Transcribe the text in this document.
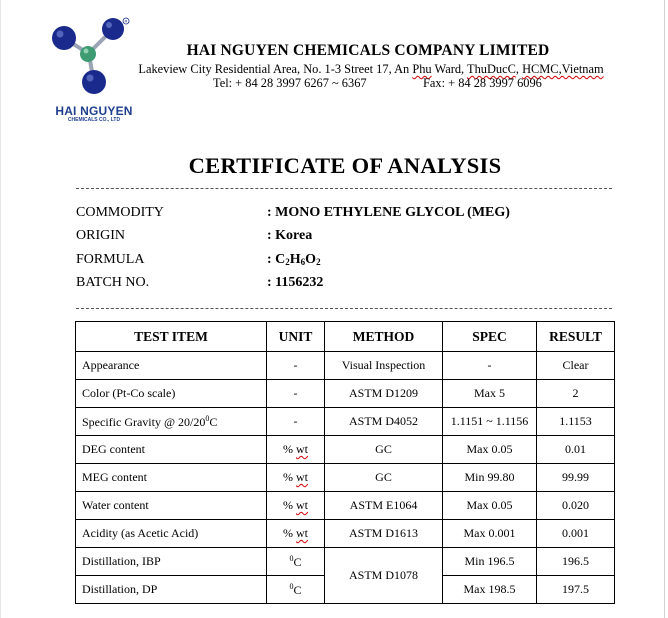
R
HAI NGUYEN
CHEMICALS CO., LTD
HAI NGUYEN CHEMICALS COMPANY LIMITED
Lakeview City Residential Area, No. 1-3 Street 17, An Phu Ward, ThuDucC, HCMC,Vietnam
Tel: + 84 28 3997 6267 ~ 6367	Fax: + 84 28 3997 6096
CERTIFICATE OF ANALYSIS
COMMODITY	: MONO ETHYLENE GLYCOL (MEG)
ORIGIN	: Korea
FORMULA	: $C_2H_6O_2$
BATCH NO.	: 1156232
TEST ITEM	UNIT	METHOD	SPEC	RESULT
Appearance	-	Visual Inspection	-	Clear
Color (Pt-Co scale)	-	ASTM D1209	Max 5	2
Specific Gravity @ $20/20^0C$	-	ASTM D4052	1.1151 ~ 1.1156	1.1153
DEG content	% wt	GC	Max 0.05	0.01
MEG content	% wt	GC	Min 99.80	99.99
Water content	% wt	ASTM E1064	Max 0.05	0.020
Acidity (as Acetic Acid)	% wt	ASTM D1613	Max 0.001	0.001
Distillation, IBP	$^0$C	ASTM D1078	Min 196.5	196.5
Distillation, DP	$^0$C		Max 198.5	197.5
